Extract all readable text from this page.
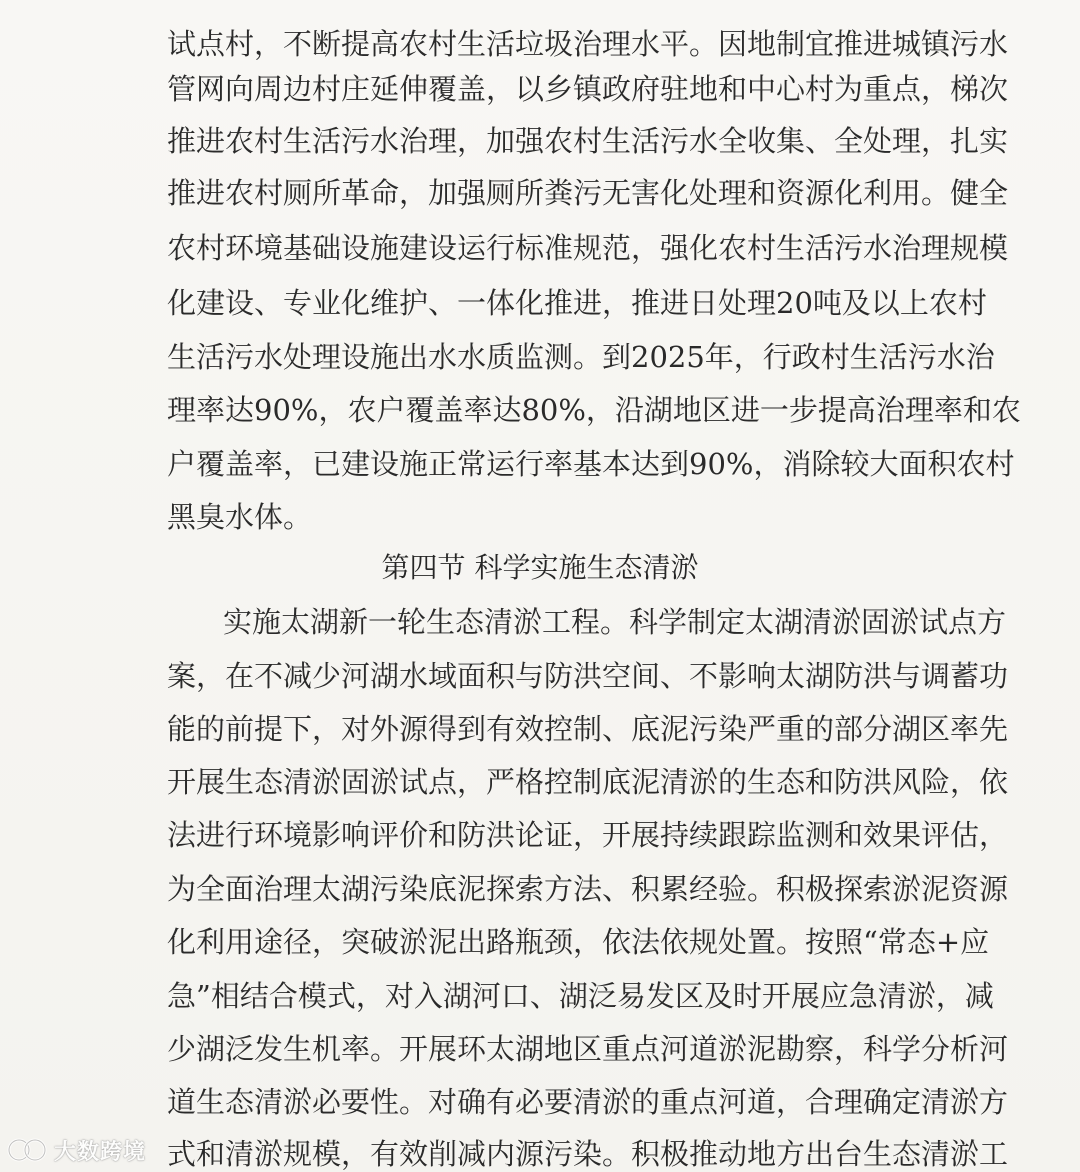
试点村，不断提高农村生活垃圾治理水平。因地制宜推进城镇污水
管网向周边村庄延伸覆盖，以乡镇政府驻地和中心村为重点，梯次
推进农村生活污水治理，加强农村生活污水全收集、全处理，扎实
推进农村厕所革命，加强厕所粪污无害化处理和资源化利用。健全
农村环境基础设施建设运行标准规范，强化农村生活污水治理规模
化建设、专业化维护、一体化推进，推进日处理20吨及以上农村
生活污水处理设施出水水质监测。到2025年，行政村生活污水治
理率达90%，农户覆盖率达80%，沿湖地区进一步提高治理率和农
户覆盖率，已建设施正常运行率基本达到90%，消除较大面积农村
黑臭水体。
第四节 科学实施生态清淤
实施太湖新一轮生态清淤工程。科学制定太湖清淤固淤试点方
案，在不减少河湖水域面积与防洪空间、不影响太湖防洪与调蓄功
能的前提下，对外源得到有效控制、底泥污染严重的部分湖区率先
开展生态清淤固淤试点，严格控制底泥清淤的生态和防洪风险，依
法进行环境影响评价和防洪论证，开展持续跟踪监测和效果评估，
为全面治理太湖污染底泥探索方法、积累经验。积极探索淤泥资源
化利用途径，突破淤泥出路瓶颈，依法依规处置。按照“常态+应
急”相结合模式，对入湖河口、湖泛易发区及时开展应急清淤，减
少湖泛发生机率。开展环太湖地区重点河道淤泥勘察，科学分析河
道生态清淤必要性。对确有必要清淤的重点河道，合理确定清淤方
式和清淤规模，有效削减内源污染。积极推动地方出台生态清淤工
大数跨境
